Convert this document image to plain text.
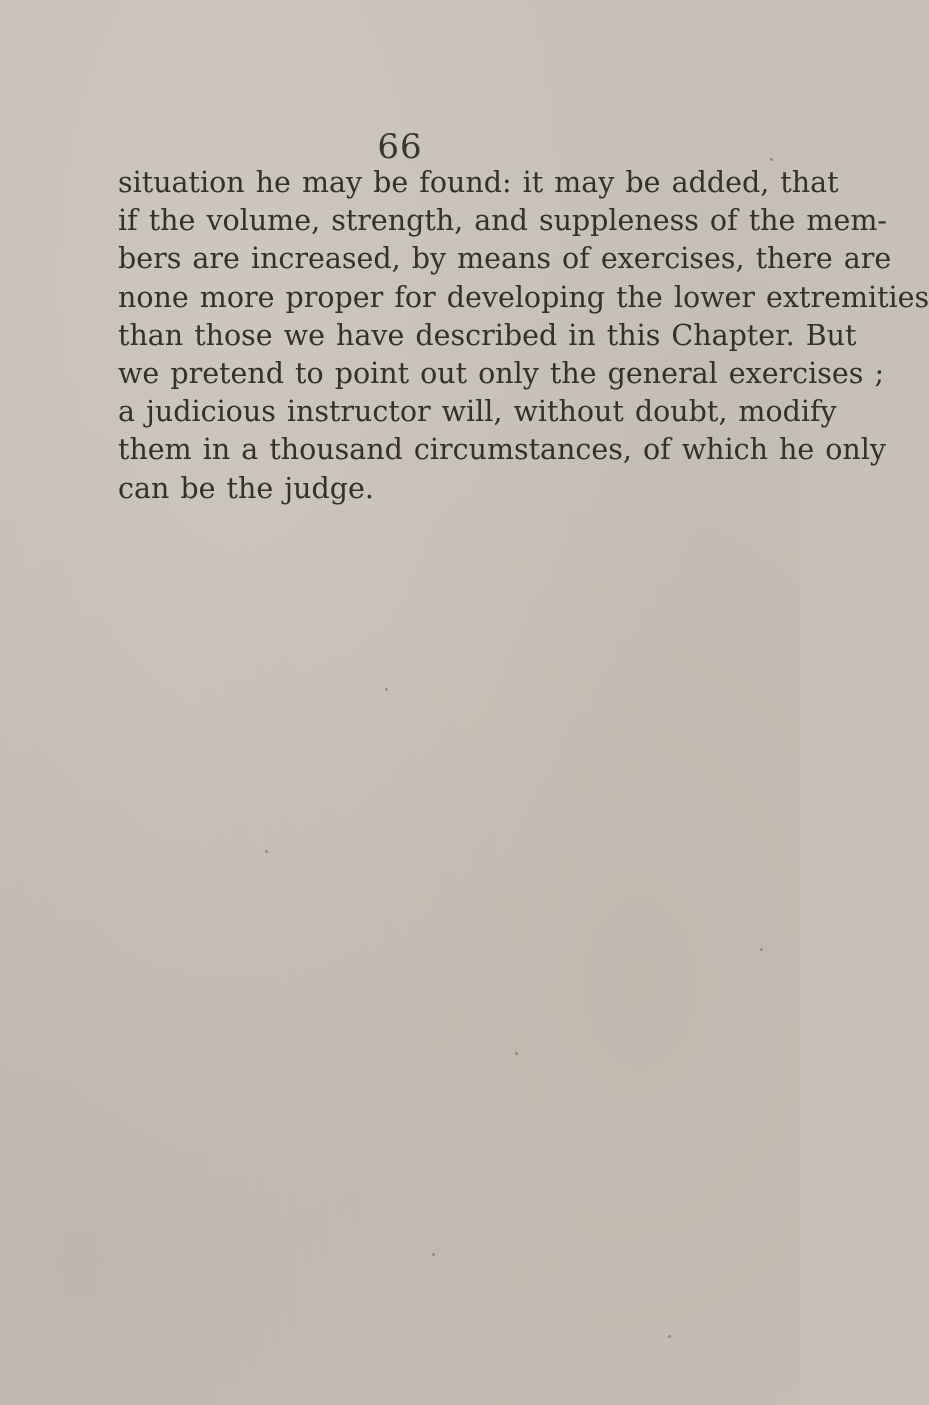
66
situation he may be found: it may be added, that
if the volume, strength, and suppleness of the mem-
bers are increased, by means of exercises, there are
none more proper for developing the lower extremities
than those we have described in this Chapter. But
we pretend to point out only the general exercises ;
a judicious instructor will, without doubt, modify
them in a thousand circumstances, of which he only
can be the judge.
